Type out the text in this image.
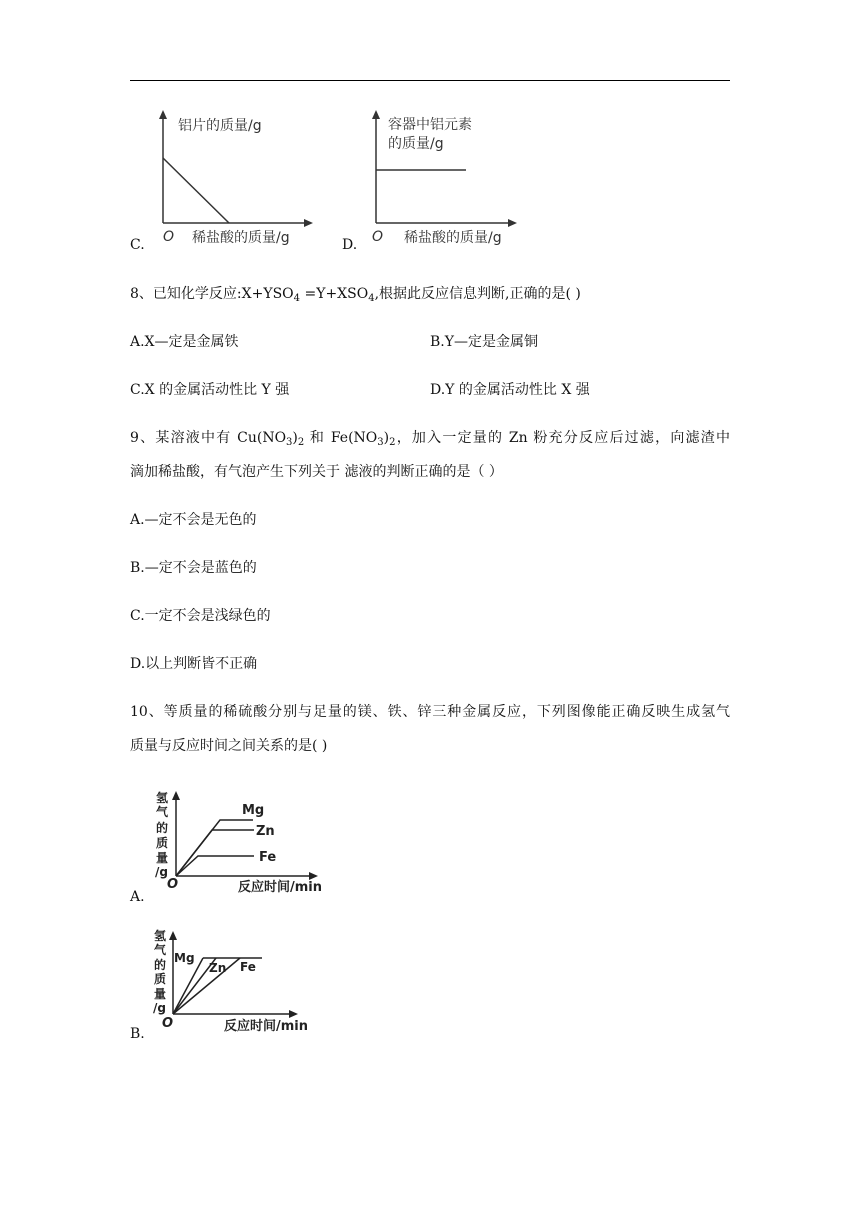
C.
铝片的质量/g
O 稀盐酸的质量/g	D.
容器中铝元素
的质量/g
O 稀盐酸的质量/g
8、已知化学反应$:X+YSO_4 =Y+XSO_4$,根据此反应信息判断,正确的是( )
A.X—定是金属铁	B.Y—定是金属铜
C.X 的金属活动性比 Y 强	D.Y 的金属活动性比 X 强
9、某溶液中有 $Cu(NO_3)_2$ 和 $Fe(NO_3)_2$，加入一定量的 Zn 粉充分反应后过滤，向滤渣中
滴加稀盐酸，有气泡产生下列关于 滤液的判断正确的是（ ）
A.—定不会是无色的
B.—定不会是蓝色的
C.一定不会是浅绿色的
D.以上判断皆不正确
10、等质量的稀硫酸分别与足量的镁、铁、锌三种金属反应，下列图像能正确反映生成氢气
质量与反应时间之间关系的是( )
氢
气
的
质
量
/g
Mg
Zn
Fe
O	反应时间/min
A.
氢
气
的
质
量
/g
Mg
Zn Fe
O	反应时间/min
B.
